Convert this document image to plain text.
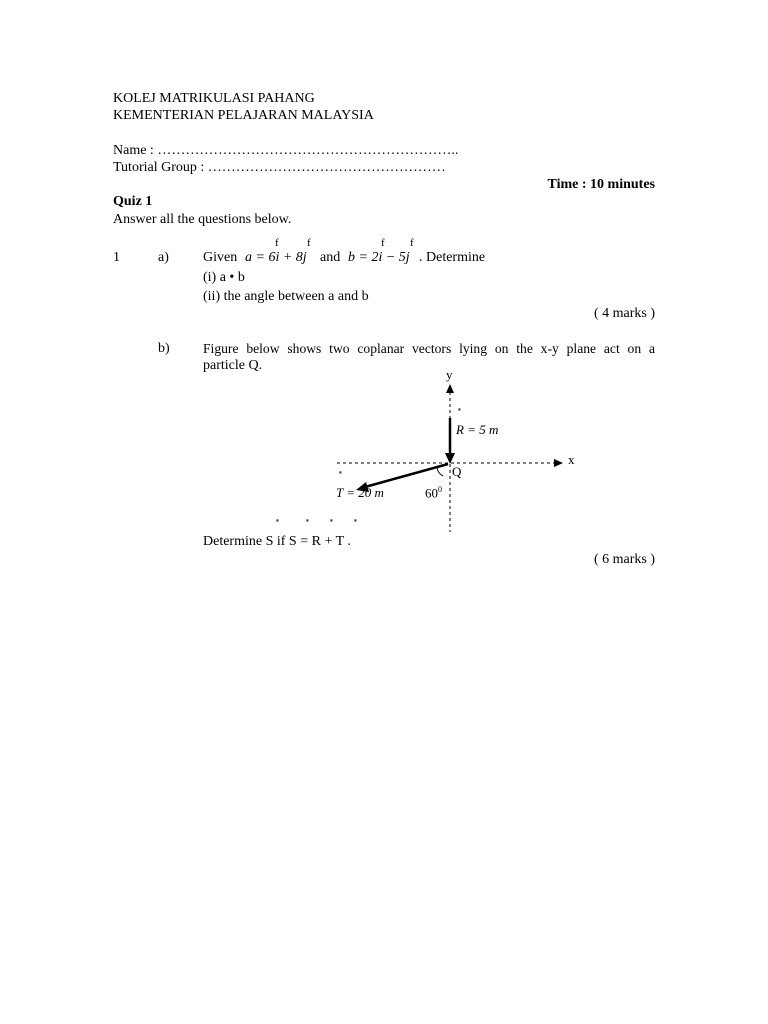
KOLEJ MATRIKULASI PAHANG
KEMENTERIAN PELAJARAN MALAYSIA
Name : ………………………………………………………..
Tutorial Group : ……………………………………………
Time : 10 minutes
Quiz 1
Answer all the questions below.
1	a)
f	f	f f
Given a = 6i + 8j and b = 2i − 5j . Determine
(i) a • b
(ii) the angle between a and b
( 4 marks )
b) Figure below shows two coplanar vectors lying on the x-y plane act on a
particle Q.
y
x
'''
R = 5 m
Q
'''
T = 20 m	$60^0$
'''	''' ''' '''
Determine S if S = R + T .
( 6 marks )
